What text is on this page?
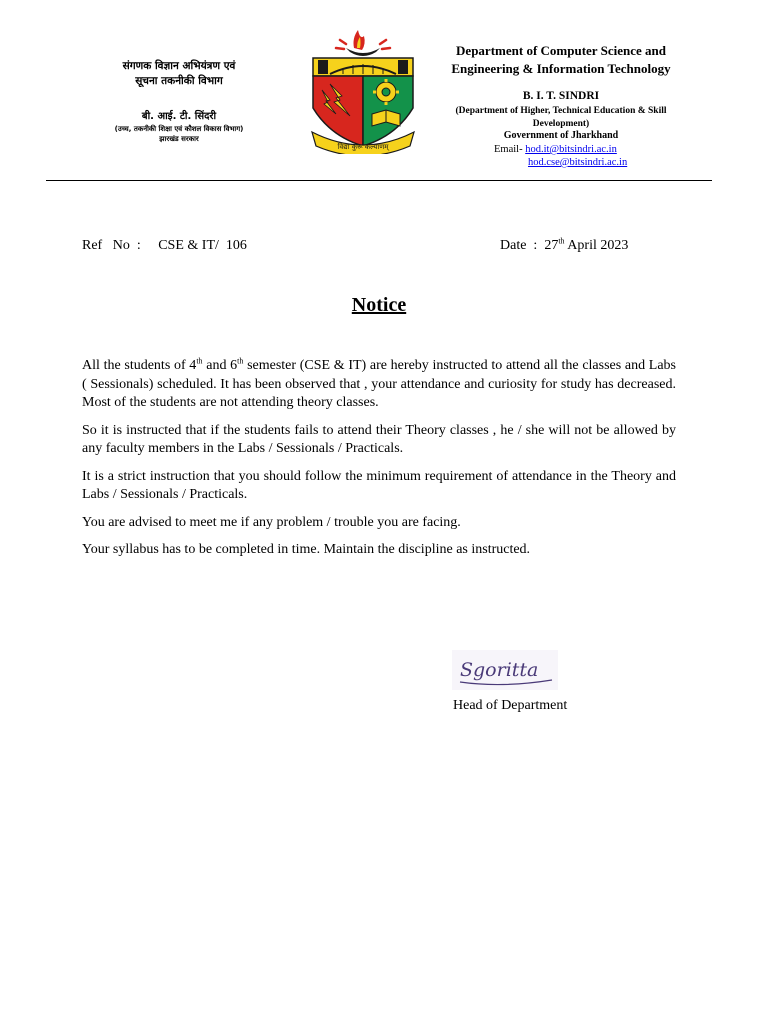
संगणक विज्ञान अभियंत्रण एवं
सूचना तकनीकी विभाग
बी. आई. टी. सिंदरी
(उच्च, तकनीकी शिक्षा एवं कौशल विकास विभाग)
झारखंड सरकार
विद्या कुरू कल्याणम्
Department of Computer Science and
Engineering & Information Technology
B. I. T. SINDRI
(Department of Higher, Technical Education & Skill Development)
Government of Jharkhand
Email- hod.it@bitsindri.ac.in
hod.cse@bitsindri.ac.in
Ref   No  : CSE & IT/  106	Date  : 27th April 2023
Notice

All the students of 4th and 6th semester (CSE & IT) are hereby instructed to attend all the classes and Labs ( Sessionals) scheduled. It has been observed that , your attendance and curiosity for study has decreased. Most of the students are not attending theory classes.

So it is instructed that if the students fails to attend their Theory classes , he / she will not be allowed by any faculty members in the Labs / Sessionals / Practicals.

It is a strict instruction that you should follow the minimum requirement of attendance in the Theory and Labs / Sessionals / Practicals.

You are advised to meet me if any problem / trouble you are facing.

Your syllabus has to be completed in time. Maintain the discipline as instructed.

Sgoritta
Head of Department
